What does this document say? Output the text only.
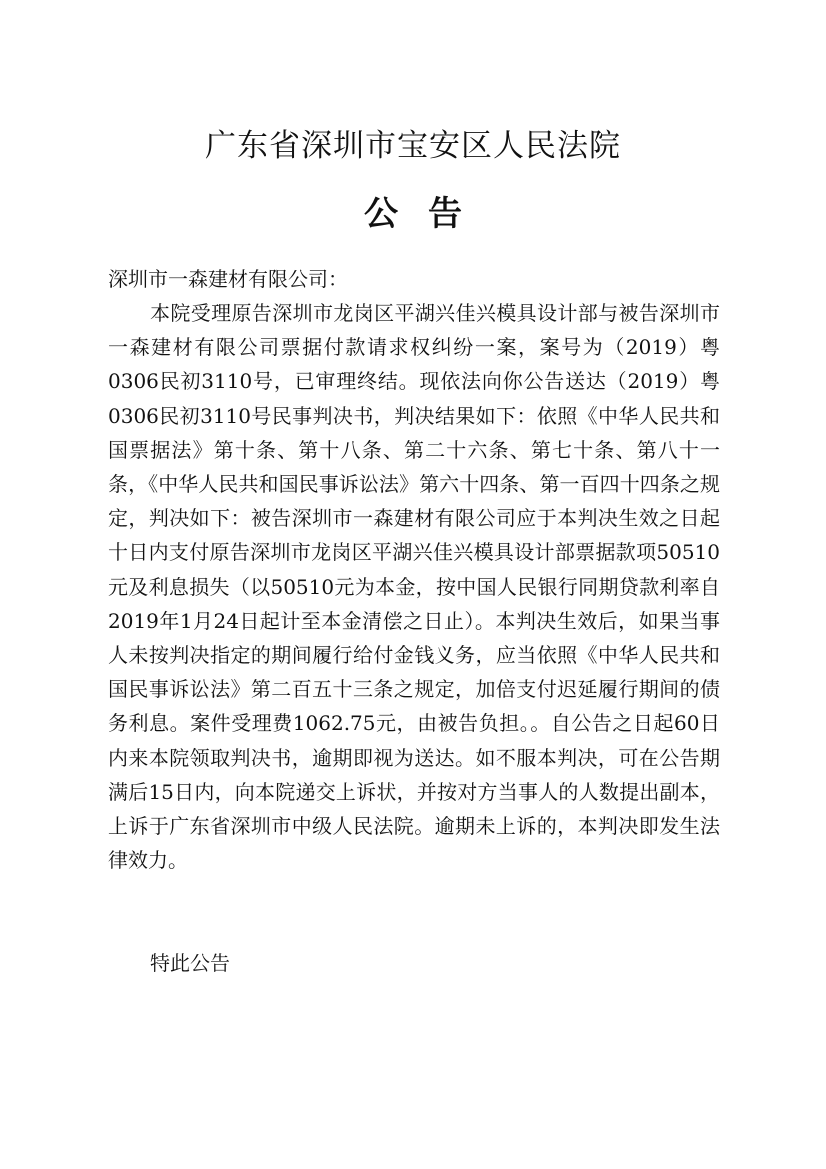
广东省深圳市宝安区人民法院
公告
深圳市一森建材有限公司：
本院受理原告深圳市龙岗区平湖兴佳兴模具设计部与被告深圳市一森建材有限公司票据付款请求权纠纷一案，案号为（2019）粤0306民初3110号，已审理终结。现依法向你公告送达（2019）粤0306民初3110号民事判决书，判决结果如下：依照《中华人民共和国票据法》第十条、第十八条、第二十六条、第七十条、第八十一条，《中华人民共和国民事诉讼法》第六十四条、第一百四十四条之规定，判决如下：被告深圳市一森建材有限公司应于本判决生效之日起十日内支付原告深圳市龙岗区平湖兴佳兴模具设计部票据款项50510元及利息损失（以50510元为本金，按中国人民银行同期贷款利率自2019年1月24日起计至本金清偿之日止）。本判决生效后，如果当事人未按判决指定的期间履行给付金钱义务，应当依照《中华人民共和国民事诉讼法》第二百五十三条之规定，加倍支付迟延履行期间的债务利息。案件受理费1062.75元，由被告负担。。自公告之日起60日内来本院领取判决书，逾期即视为送达。如不服本判决，可在公告期满后15日内，向本院递交上诉状，并按对方当事人的人数提出副本，上诉于广东省深圳市中级人民法院。逾期未上诉的，本判决即发生法律效力。
特此公告
